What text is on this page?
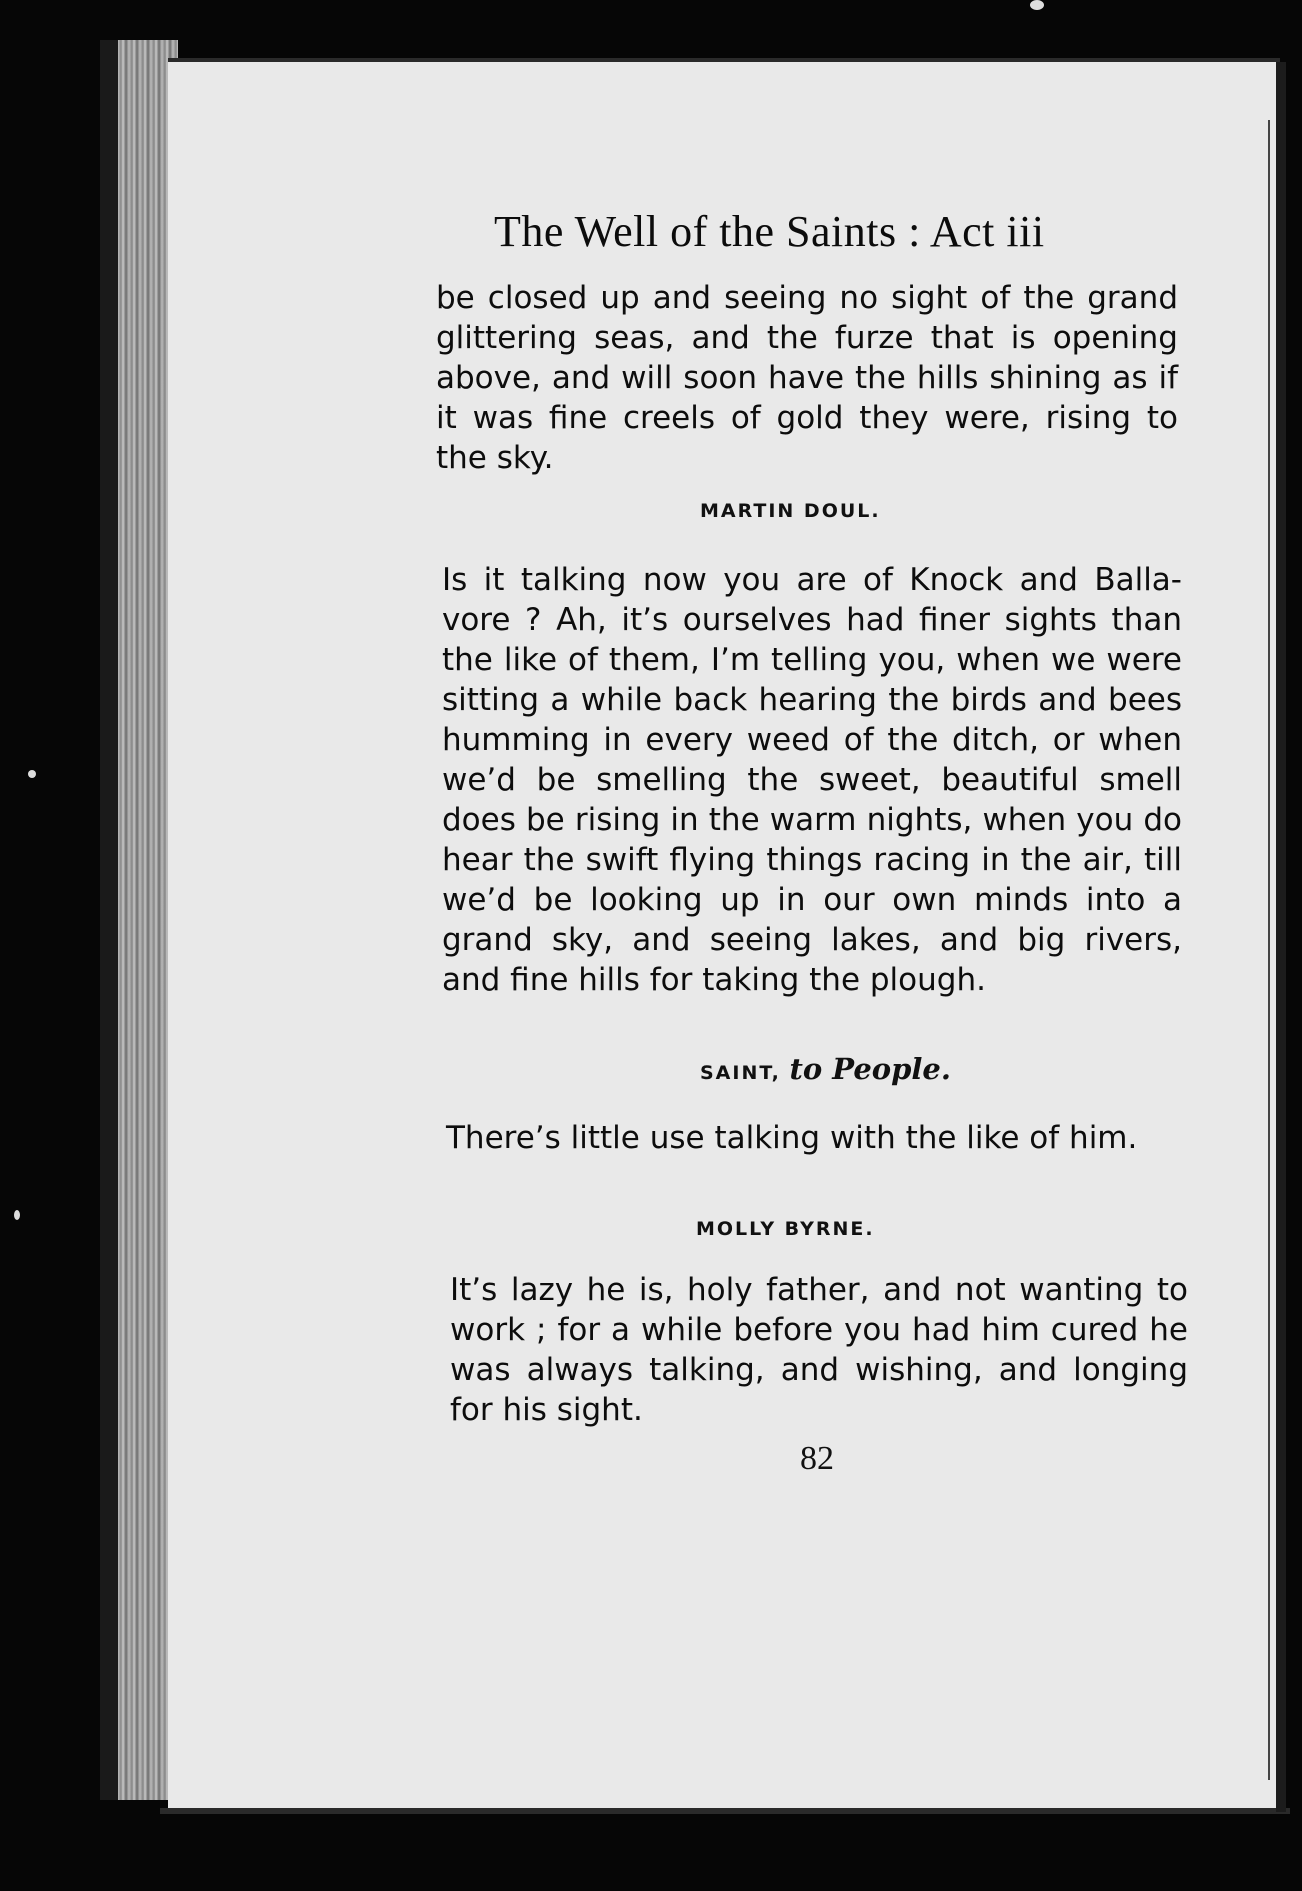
The Well of the Saints : Act iii
be closed up and seeing no sight of the grand glittering seas, and the furze that is opening above, and will soon have the hills shining as if it was fine creels of gold they were, rising to the sky.
MARTIN DOUL.
Is it talking now you are of Knock and Balla-vore ? Ah, it’s ourselves had finer sights than the like of them, I’m telling you, when we were sitting a while back hearing the birds and bees humming in every weed of the ditch, or when we’d be smelling the sweet, beautiful smell does be rising in the warm nights, when you do hear the swift flying things racing in the air, till we’d be looking up in our own minds into a grand sky, and seeing lakes, and big rivers, and fine hills for taking the plough.
SAINT, to People.
There’s little use talking with the like of him.
MOLLY BYRNE.
It’s lazy he is, holy father, and not wanting to work ; for a while before you had him cured he was always talking, and wishing, and longing for his sight.
82
